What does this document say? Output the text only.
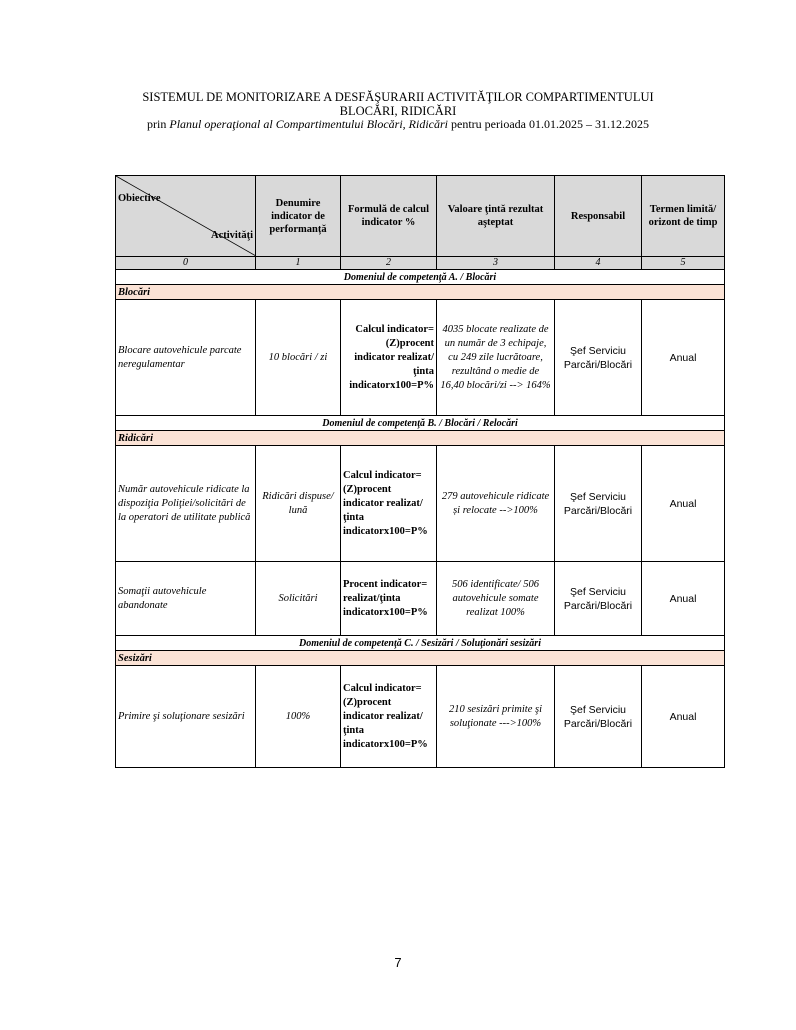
SISTEMUL DE MONITORIZARE A DESFĂŞURARII ACTIVITĂŢILOR COMPARTIMENTULUI
BLOCĂRI, RIDICĂRI
prin Planul operaţional al Compartimentului Blocări, Ridicări pentru perioada 01.01.2025 – 31.12.2025
Obiective
Activităţi	Denumire indicator de performanță	Formulă de calcul indicator %	Valoare ţintă rezultat aşteptat	Responsabil	Termen limită/ orizont de timp
0	1	2	3	4	5
Domeniul de competenţă A. / Blocări					
Blocări					
Blocare autovehicule parcate neregulamentar	10 blocări / zi	Calcul indicator= (Z)procent indicator realizat/ţinta indicatorx100=P%	4035 blocate realizate de un număr de 3 echipaje, cu 249 zile lucrătoare, rezultând o medie de 16,40 blocări/zi --> 164%	Şef Serviciu Parcări/Blocări	Anual
Domeniul de competenţă B. / Blocări / Relocări					
Ridicări					
Număr autovehicule ridicate la dispoziţia Poliţiei/solicitări de la operatori de utilitate publică	Ridicări dispuse/ lună	Calcul indicator= (Z)procent indicator realizat/ţinta indicatorx100=P%	279 autovehicule ridicate și relocate -->100%	Şef Serviciu Parcări/Blocări	Anual
Somaţii autovehicule abandonate	Solicitări	Procent indicator= realizat/ţinta indicatorx100=P%	506 identificate/ 506 autovehicule somate realizat 100%	Şef Serviciu Parcări/Blocări	Anual
Domeniul de competenţă C. / Sesizări / Soluţionări sesizări					
Sesizări					
Primire şi soluţionare sesizări	100%	Calcul indicator= (Z)procent indicator realizat/ţinta indicatorx100=P%	210 sesizări primite şi soluţionate --->100%	Şef Serviciu Parcări/Blocări	Anual
7
